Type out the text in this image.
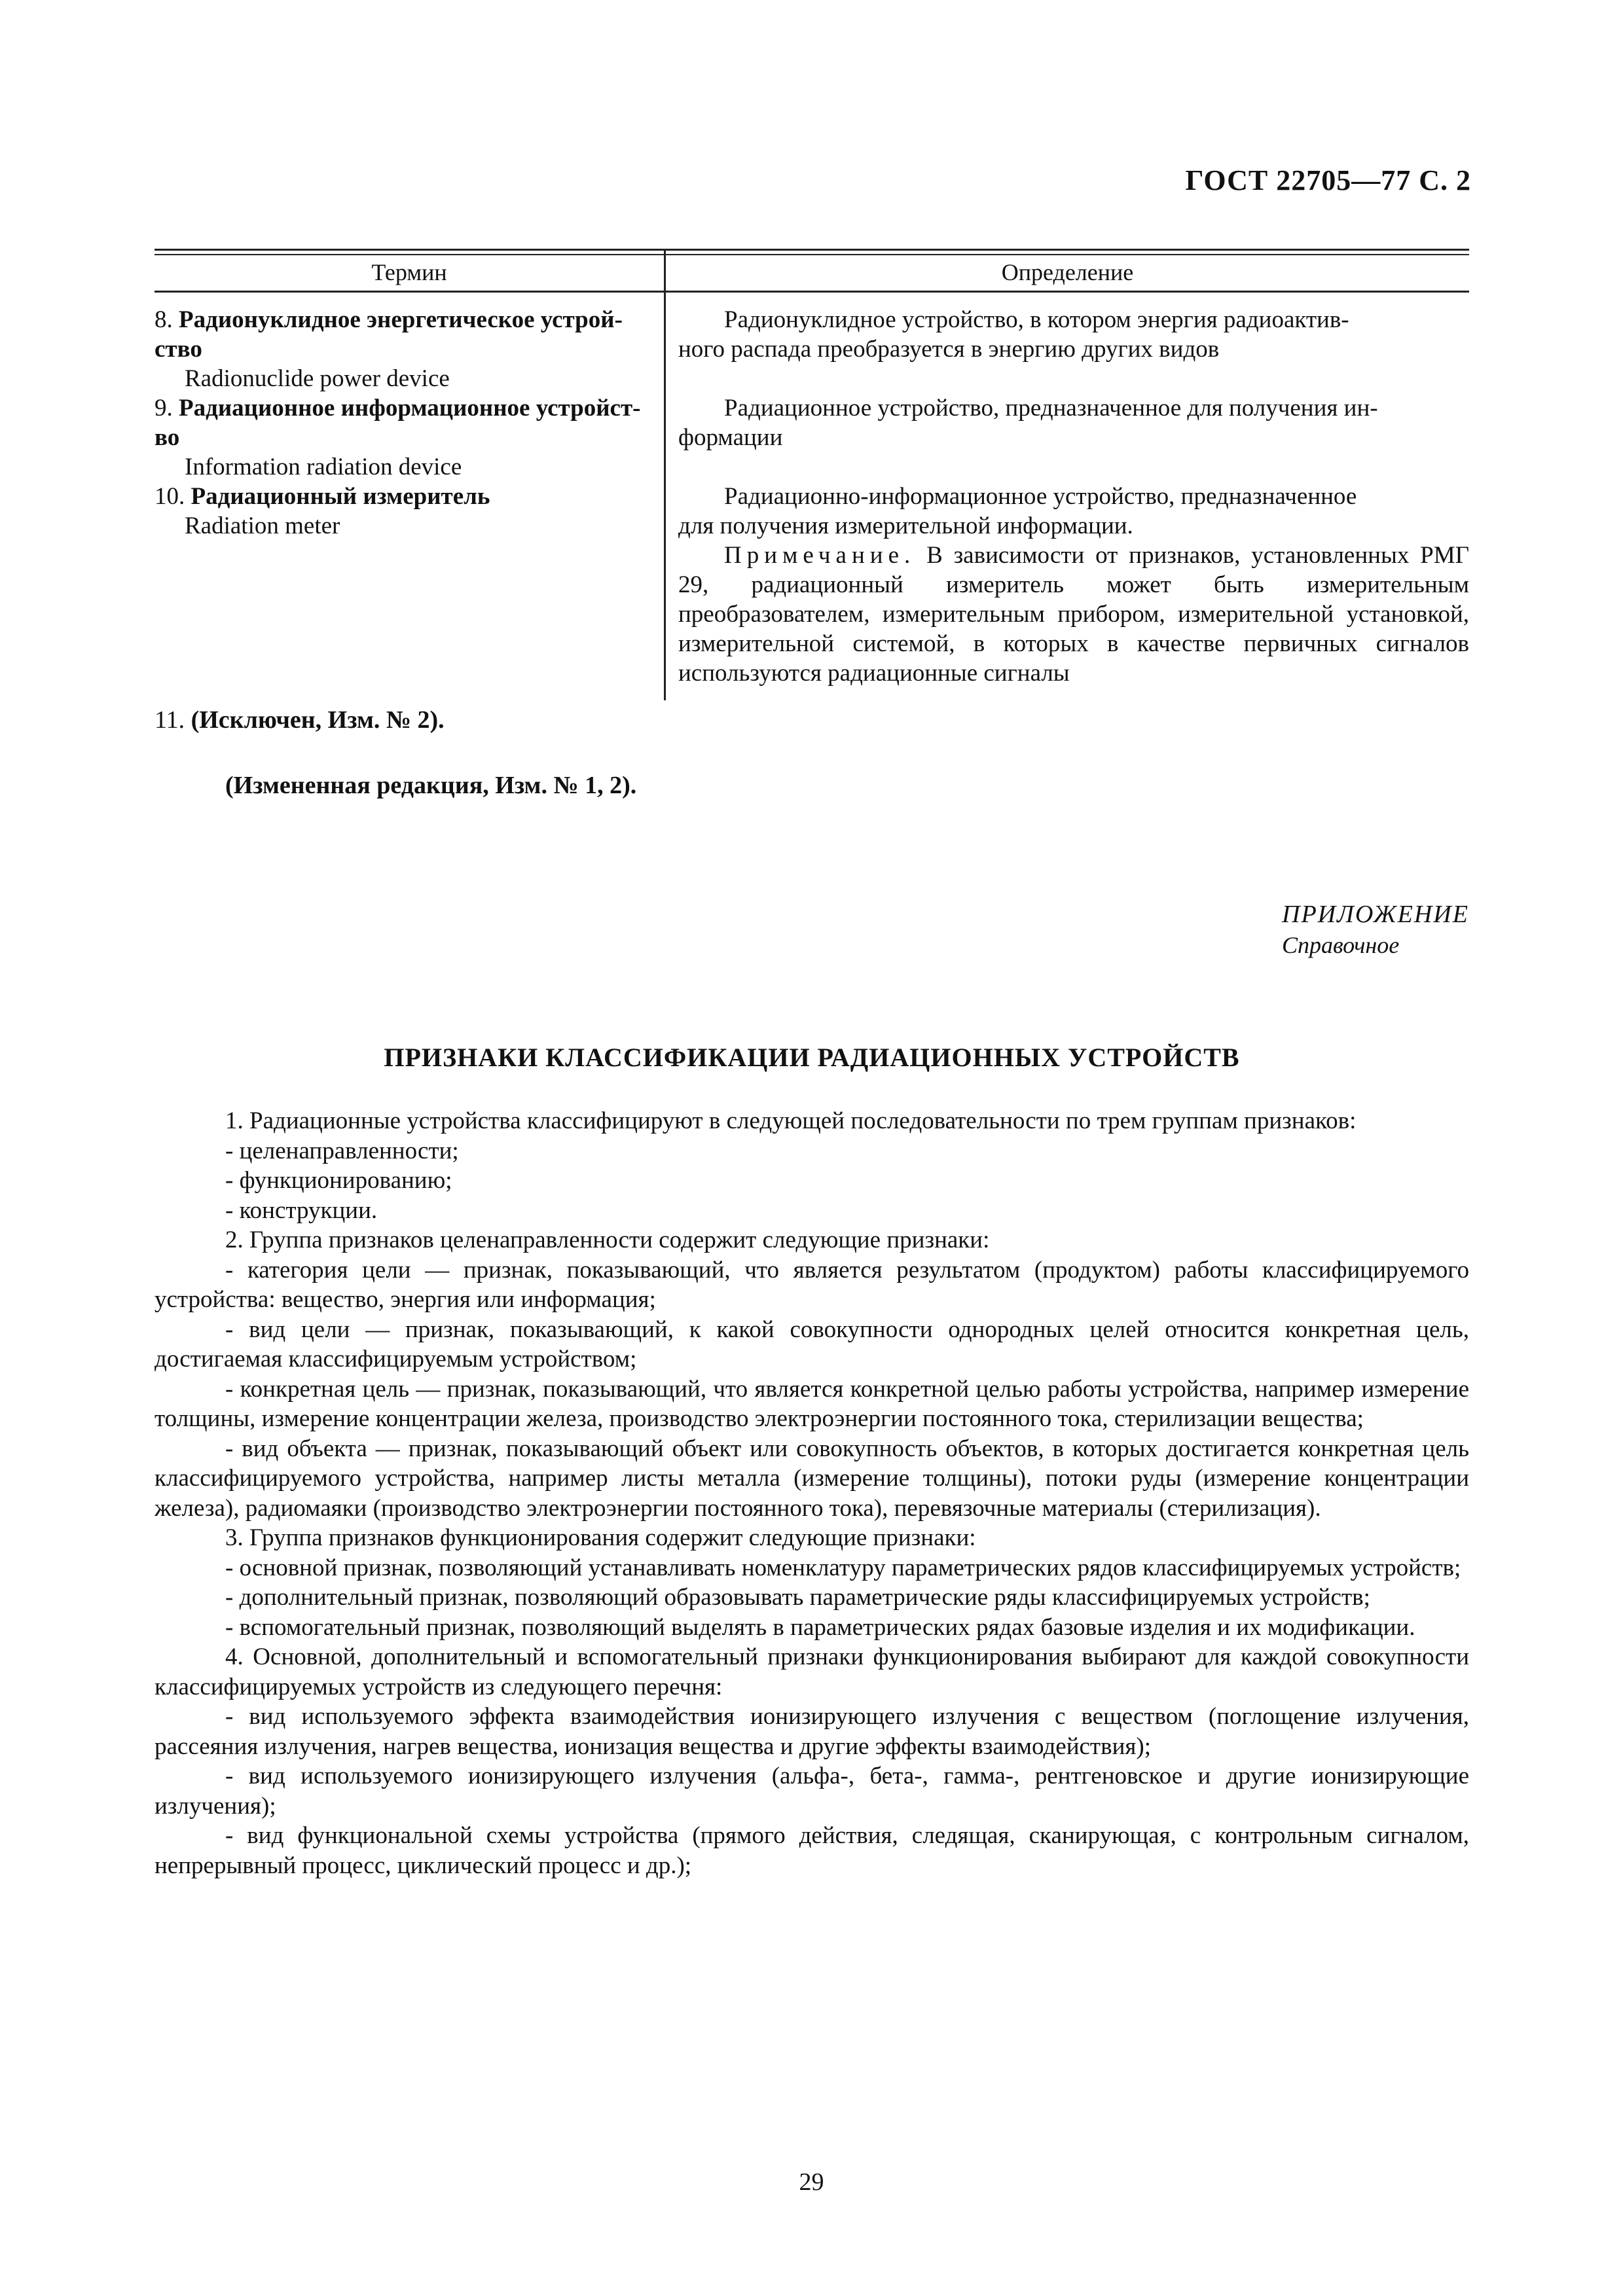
ГОСТ 22705—77 С. 2
Термин	Определение
8. Радионуклидное энергетическое устрой-
ство
Radionuclide power device
Радионуклидное устройство, в котором энергия радиоактив-
ного распада преобразуется в энергию других видов
9. Радиационное информационное устройст-
во
Information radiation device
Радиационное устройство, предназначенное для получения ин-
формации
10. Радиационный измеритель
Radiation meter
Радиационно-информационное устройство, предназначенное
для получения измерительной информации.

Примечание. В зависимости от признаков, установленных РМГ 29, радиационный измеритель может быть измерительным преобразователем, измерительным прибором, измерительной установкой, измерительной системой, в которых в качестве первичных сигналов используются радиационные сигналы

11. (Исключен, Изм. № 2).
(Измененная редакция, Изм. № 1, 2).
ПРИЛОЖЕНИЕ
Справочное
ПРИЗНАКИ КЛАССИФИКАЦИИ РАДИАЦИОННЫХ УСТРОЙСТВ

1. Радиационные устройства классифицируют в следующей последовательности по трем группам признаков:

- целенаправленности;

- функционированию;

- конструкции.

2. Группа признаков целенаправленности содержит следующие признаки:

- категория цели — признак, показывающий, что является результатом (продуктом) работы классифицируемого устройства: вещество, энергия или информация;

- вид цели — признак, показывающий, к какой совокупности однородных целей относится конкретная цель, достигаемая классифицируемым устройством;

- конкретная цель — признак, показывающий, что является конкретной целью работы устройства, например измерение толщины, измерение концентрации железа, производство электроэнергии постоянного тока, стерилизации вещества;

- вид объекта — признак, показывающий объект или совокупность объектов, в которых достигается конкретная цель классифицируемого устройства, например листы металла (измерение толщины), потоки руды (измерение концентрации железа), радиомаяки (производство электроэнергии постоянного тока), перевязочные материалы (стерилизация).

3. Группа признаков функционирования содержит следующие признаки:

- основной признак, позволяющий устанавливать номенклатуру параметрических рядов классифицируемых устройств;

- дополнительный признак, позволяющий образовывать параметрические ряды классифицируемых устройств;

- вспомогательный признак, позволяющий выделять в параметрических рядах базовые изделия и их модификации.

4. Основной, дополнительный и вспомогательный признаки функционирования выбирают для каждой совокупности классифицируемых устройств из следующего перечня:

- вид используемого эффекта взаимодействия ионизирующего излучения с веществом (поглощение излучения, рассеяния излучения, нагрев вещества, ионизация вещества и другие эффекты взаимодействия);

- вид используемого ионизирующего излучения (альфа-, бета-, гамма-, рентгеновское и другие ионизирующие излучения);

- вид функциональной схемы устройства (прямого действия, следящая, сканирующая, с контрольным сигналом, непрерывный процесс, циклический процесс и др.);

29
